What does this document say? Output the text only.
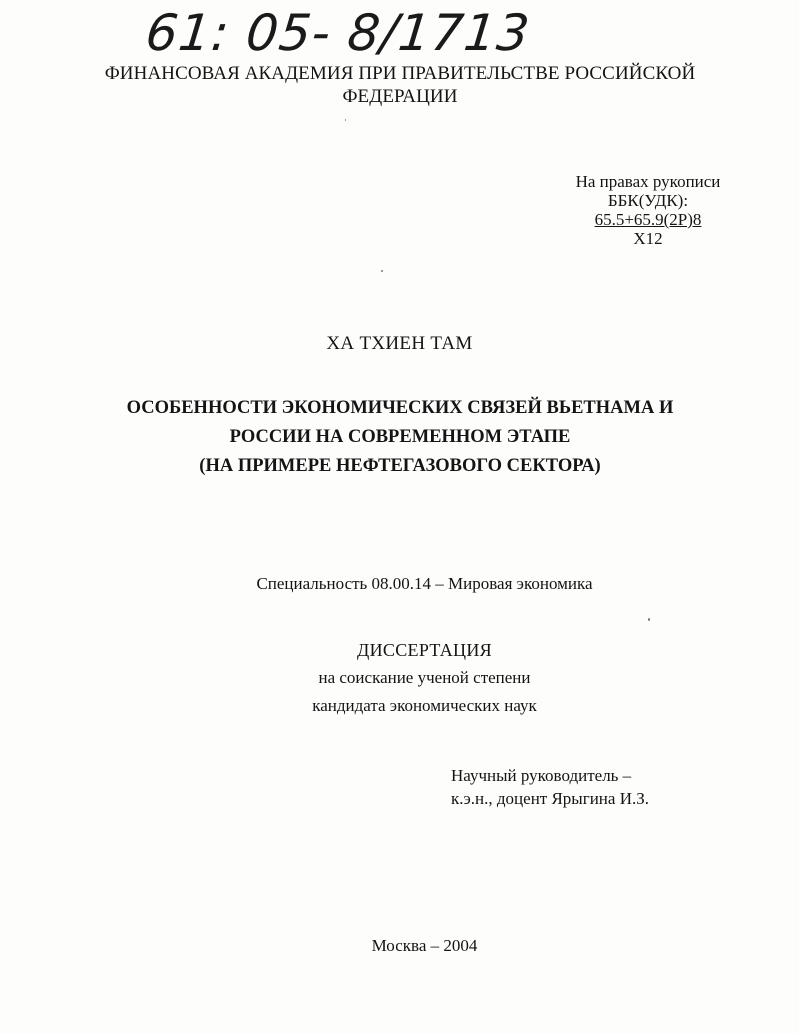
61: 05- 8/1713
ФИНАНСОВАЯ АКАДЕМИЯ ПРИ ПРАВИТЕЛЬСТВЕ РОССИЙСКОЙ
ФЕДЕРАЦИИ
На правах рукописи
ББК(УДК):
65.5+65.9(2Р)8
Х12
ХА ТХИЕН ТАМ
ОСОБЕННОСТИ ЭКОНОМИЧЕСКИХ СВЯЗЕЙ ВЬЕТНАМА И
РОССИИ НА СОВРЕМЕННОМ ЭТАПЕ
(НА ПРИМЕРЕ НЕФТЕГАЗОВОГО СЕКТОРА)
Специальность 08.00.14 – Мировая экономика
ДИССЕРТАЦИЯ
на соискание ученой степени
кандидата экономических наук
Научный руководитель –
к.э.н., доцент Ярыгина И.З.
Москва – 2004
